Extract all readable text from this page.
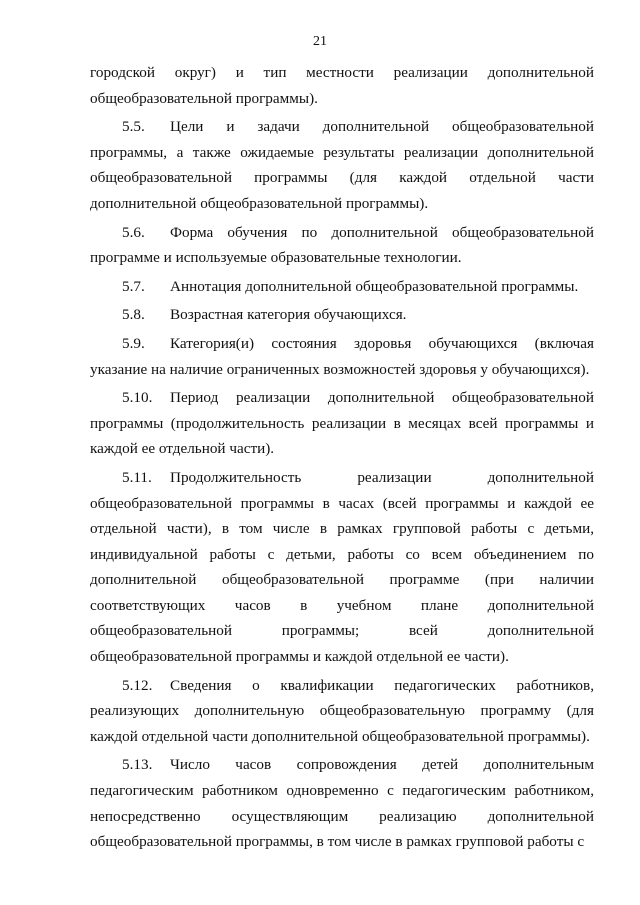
21

городской округ) и тип местности реализации дополнительной общеобразовательной программы).

5.5. Цели и задачи дополнительной общеобразовательной программы, а также ожидаемые результаты реализации дополнительной общеобразовательной программы (для каждой отдельной части дополнительной общеобразовательной программы).

5.6. Форма обучения по дополнительной общеобразовательной программе и используемые образовательные технологии.

5.7. Аннотация дополнительной общеобразовательной программы.

5.8. Возрастная категория обучающихся.

5.9. Категория(и) состояния здоровья обучающихся (включая указание на наличие ограниченных возможностей здоровья у обучающихся).

5.10. Период реализации дополнительной общеобразовательной программы (продолжительность реализации в месяцах всей программы и каждой ее отдельной части).

5.11. Продолжительность реализации дополнительной общеобразовательной программы в часах (всей программы и каждой ее отдельной части), в том числе в рамках групповой работы с детьми, индивидуальной работы с детьми, работы со всем объединением по дополнительной общеобразовательной программе (при наличии соответствующих часов в учебном плане дополнительной общеобразовательной программы; всей дополнительной общеобразовательной программы и каждой отдельной ее части).

5.12. Сведения о квалификации педагогических работников, реализующих дополнительную общеобразовательную программу (для каждой отдельной части дополнительной общеобразовательной программы).

5.13. Число часов сопровождения детей дополнительным педагогическим работником одновременно с педагогическим работником, непосредственно осуществляющим реализацию дополнительной общеобразовательной программы, в том числе в рамках групповой работы с
